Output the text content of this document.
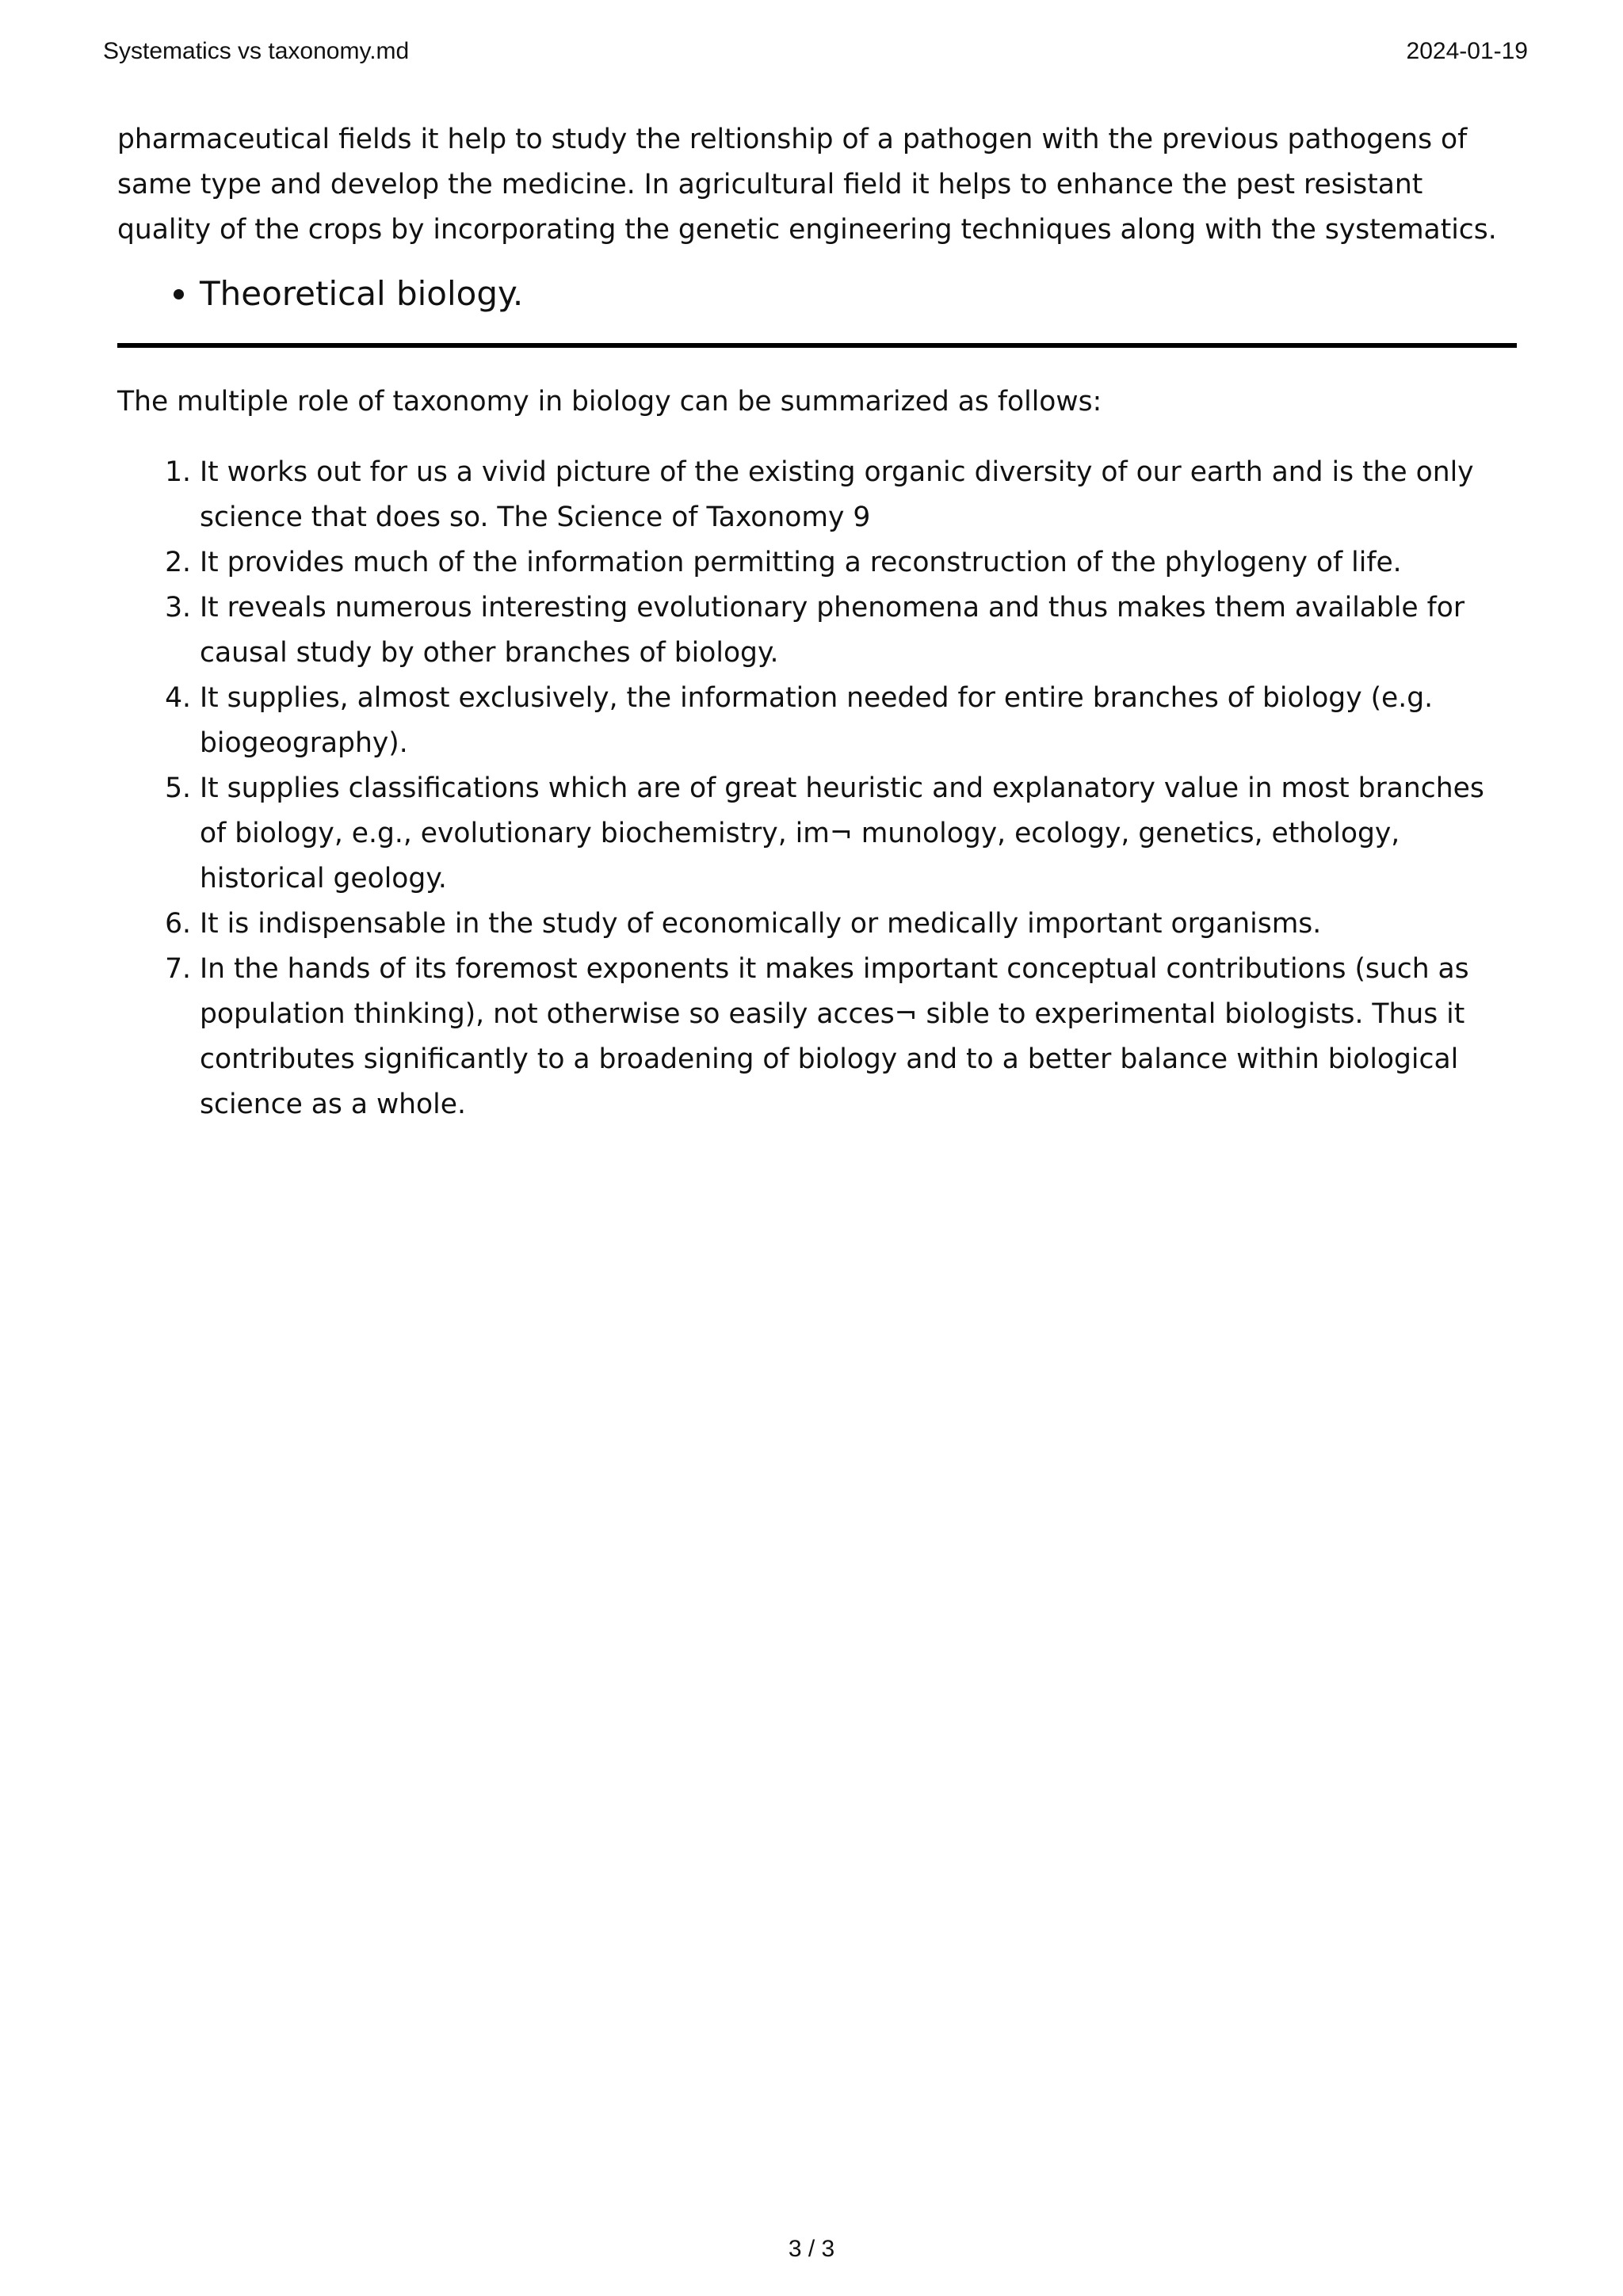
Systematics vs taxonomy.md	2024-01-19

pharmaceutical fields it help to study the reltionship of a pathogen with the previous pathogens of same type and develop the medicine. In agricultural field it helps to enhance the pest resistant quality of the crops by incorporating the genetic engineering techniques along with the systematics.

• Theoretical biology.

The multiple role of taxonomy in biology can be summarized as follows:

1. It works out for us a vivid picture of the existing organic diversity of our earth and is the only science that does so. The Science of Taxonomy 9
2. It provides much of the information permitting a reconstruction of the phylogeny of life.
3. It reveals numerous interesting evolutionary phenomena and thus makes them available for causal study by other branches of biology.
4. It supplies, almost exclusively, the information needed for entire branches of biology (e.g. biogeography).
5. It supplies classifications which are of great heuristic and explanatory value in most branches of biology, e.g., evolutionary biochemistry, im¬ munology, ecology, genetics, ethology, historical geology.
6. It is indispensable in the study of economically or medically important organisms.
7. In the hands of its foremost exponents it makes important conceptual contributions (such as population thinking), not otherwise so easily acces¬ sible to experimental biologists. Thus it contributes significantly to a broadening of biology and to a better balance within biological science as a whole.
3 / 3
